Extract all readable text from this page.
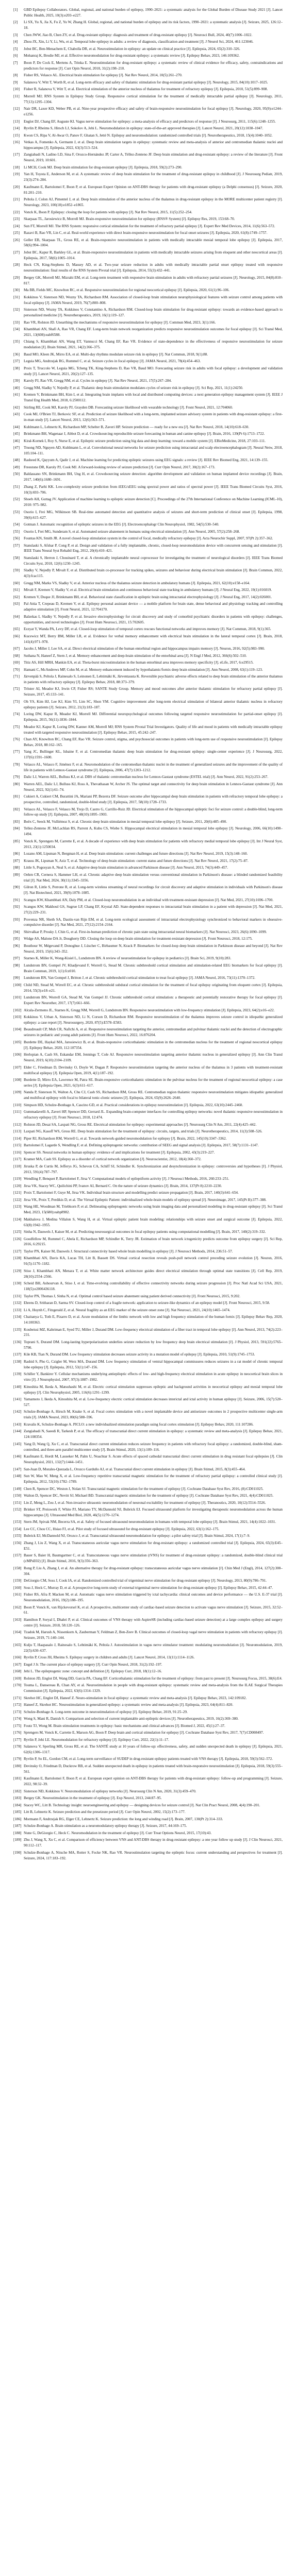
[1]	GBD Epilepsy Collaborators. Global, regional, and national burden of epilepsy, 1990–2021: a systematic analysis for the Global Burden of Disease Study 2021 [J]. Lancet Public Health, 2025, 10(3):e203–e227.
[2]	Li SX, Yu X, Jia X, Fu Z, Yu W, Zhang H. Global, regional, and national burden of epilepsy and its risk factors, 1990–2021: a systematic analysis [J]. Seizure, 2025, 126:12–18.
[3]	Chen JWW, Jiao B, Chen ZY, et al. Drug-resistant epilepsy: diagnosis and treatment of drug-resistant epilepsy [J]. Neurosci Bull, 2024, 40(7):1006–1022.
[4]	Zhou JX, Xin, Li Y, Li, Wu, et al. Temporal lobe epilepsy in adults: a review of diagnosis, classification and treatment [J]. J Neurol Sci, 2024, 461:123046.
[5]	Jobst BC, Ben-Menachem E, Chabolla DR, et al. Neurostimulation in epilepsy: an update on clinical practice [J]. Epilepsia, 2024, 65(2):310–326.
[6]	Mohanraj K, Brodie MJ, et al. Effective neuromodulation for drug-resistant epilepsy: a systematic review [J]. Epilepsy Behav, 2023, 146:109362.
[7]	Boon P, De Cock E, Mertens A, Trinka E. Neurostimulation for drug-resistant epilepsy: a systematic review of clinical evidence for efficacy, safety, contraindications and predictors for response [J]. Curr Opin Neurol, 2018, 31(2):198–210.
[8]	Fisher RS, Velasco AL. Electrical brain stimulation for epilepsy [J]. Nat Rev Neurol, 2014, 10(5):261–270.
[9]	Salanova V, Witt T, Worth R, et al. Long-term efficacy and safety of thalamic stimulation for drug-resistant partial epilepsy [J]. Neurology, 2015, 84(10):1017–1025.
[10]	Fisher R, Salanova V, Witt T, et al. Electrical stimulation of the anterior nucleus of thalamus for treatment of refractory epilepsy [J]. Epilepsia, 2010, 51(5):899–908.
[11]	Morrell MJ; RNS System in Epilepsy Study Group. Responsive cortical stimulation for the treatment of medically intractable partial epilepsy [J]. Neurology, 2011, 77(13):1295–1304.
[12]	Nair DR, Laxer KD, Weber PB, et al. Nine-year prospective efficacy and safety of brain-responsive neurostimulation for focal epilepsy [J]. Neurology, 2020, 95(9):e1244–e1256.
[13]	Englot DJ, Chang EF, Auguste KI. Vagus nerve stimulation for epilepsy: a meta-analysis of efficacy and predictors of response [J]. J Neurosurg, 2011, 115(6):1248–1255.
[14]	Ryvlin P, Rheims S, Hirsch LJ, Sokolov A, Jehi L. Neuromodulation in epilepsy: state-of-the-art approved therapies [J]. Lancet Neurol, 2021, 20(12):1038–1047.
[15]	Kwon CS, Ripa V, Al-Awar O, Panov F, Ghatan S, Jetté N. Epilepsy and neuromodulation: randomized controlled trials [J]. Neurotherapeutics, 2018, 15(4):1040–1052.
[16]	Vetkas A, Fomenko A, Germann J, et al. Deep brain stimulation targets in epilepsy: systematic review and meta-analysis of anterior and centromedian thalamic nuclei and hippocampus [J]. Epilepsia, 2022, 63(3):513–524.
[17]	Zangiabadi N, Ladino LD, Sina F, Orozco-Hernández JP, Carter A, Téllez-Zenteno JF. Deep brain stimulation and drug-resistant epilepsy: a review of the literature [J]. Front Neurol, 2019, 10:601.
[18]	Li MCH, Cook MJ. Deep brain stimulation for drug-resistant epilepsy [J]. Epilepsia, 2018, 59(2):273–290.
[19]	Yan H, Toyota E, Anderson M, et al. A systematic review of deep brain stimulation for the treatment of drug-resistant epilepsy in childhood [J]. J Neurosurg Pediatr, 2019, 23(3):274–284.
[20]	Kaufmann E, Bartolomei F, Boon P, et al. European Expert Opinion on ANT-DBS therapy for patients with drug-resistant epilepsy (a Delphi consensus) [J]. Seizure, 2020, 81:201–210.
[21]	Peltola J, Colon AJ, Pimentel J, et al. Deep brain stimulation of the anterior nucleus of the thalamus in drug-resistant epilepsy in the MORE multicenter patient registry [J]. Neurology, 2023, 100(18):e1852–e1865.
[22]	Vonck K, Boon P. Epilepsy: closing the loop for patients with epilepsy [J]. Nat Rev Neurol, 2015, 11(5):252–254.
[23]	Skarpaas TL, Jarosiewicz B, Morrell MJ. Brain-responsive neurostimulation for epilepsy (RNS® System) [J]. Epilepsy Res, 2019, 153:68–70.
[24]	Sun FT, Morrell MJ. The RNS System: responsive cortical stimulation for the treatment of refractory partial epilepsy [J]. Expert Rev Med Devices, 2014, 11(6):563–572.
[25]	Razavi B, Rao VR, Lin C, et al. Real-world experience with direct brain-responsive neurostimulation for focal onset seizures [J]. Epilepsia, 2020, 61(8):1749–1757.
[26]	Geller EB, Skarpaas TL, Gross RE, et al. Brain-responsive neurostimulation in patients with medically intractable mesial temporal lobe epilepsy [J]. Epilepsia, 2017, 58(6):994–1004.
[27]	Jobst BC, Kapur R, Barkley GL, et al. Brain-responsive neurostimulation in patients with medically intractable seizures arising from eloquent and other neocortical areas [J]. Epilepsia, 2017, 58(6):1005–1014.
[28]	Heck CN, King-Stephens D, Massey AD, et al. Two-year seizure reduction in adults with medically intractable partial onset epilepsy treated with responsive neurostimulation: final results of the RNS System Pivotal trial [J]. Epilepsia, 2014, 55(3):432–441.
[29]	Bergey GK, Morrell MJ, Mizrahi EM, et al. Long-term treatment with responsive brain stimulation in adults with refractory partial seizures [J]. Neurology, 2015, 84(8):810–817.
[30]	Ma BB, Fields MC, Knowlton RC, et al. Responsive neurostimulation for regional neocortical epilepsy [J]. Epilepsia, 2020, 61(1):96–106.
[31]	Kokkinos V, Sisterson ND, Wozny TA, Richardson RM. Association of closed-loop brain stimulation neurophysiological features with seizure control among patients with focal epilepsy [J]. JAMA Neurol, 2019, 76(7):800–808.
[32]	Sisterson ND, Wozny TA, Kokkinos V, Constantino A, Richardson RM. Closed-loop brain stimulation for drug-resistant epilepsy: towards an evidence-based approach to personalized medicine [J]. Neurotherapeutics, 2019, 16(1):119–127.
[33]	Rao VR, Rolston JD. Unearthing the mechanisms of responsive neurostimulation for epilepsy [J]. Commun Med, 2023, 3(1):166.
[34]	Khambhati AN, Shafi A, Rao VR, Chang EF. Long-term brain network reorganization predicts responsive neurostimulation outcomes for focal epilepsy [J]. Sci Transl Med, 2021, 13(608):eabf6588.
[35]	Chiang S, Khambhati AN, Wang ET, Vannucci M, Chang EF, Rao VR. Evidence of state-dependence in the effectiveness of responsive neurostimulation for seizure modulation [J]. Brain Stimul, 2021, 14(2):366–375.
[36]	Baud MO, Kleen JK, Mirro EA, et al. Multi-day rhythms modulate seizure risk in epilepsy [J]. Nat Commun, 2018, 9(1):88.
[37]	Leguia MG, Andrzejak RG, Rummel C, et al. Seizure cycles in focal epilepsy [J]. JAMA Neurol, 2021, 78(4):454–463.
[38]	Proix T, Truccolo W, Leguia MG, Tcheng TK, King-Stephens D, Rao VR, Baud MO. Forecasting seizure risk in adults with focal epilepsy: a development and validation study [J]. Lancet Neurol, 2021, 20(2):127–135.
[39]	Karoly PJ, Rao VR, Gregg NM, et al. Cycles in epilepsy [J]. Nat Rev Neurol, 2021, 17(5):267–284.
[40]	Gregg NM, Sladky V, Nejedly P, et al. Thalamic deep brain stimulation modulates cycles of seizure risk in epilepsy [J]. Sci Rep, 2021, 11(1):24250.
[41]	Kremen V, Brinkmann BH, Kim I, et al. Integrating brain implants with local and distributed computing devices: a next generation epilepsy management system [J]. IEEE J Transl Eng Health Med, 2018, 6:2500112.
[42]	Stirling RE, Cook MJ, Karoly PJ, Grayden DB. Forecasting seizure likelihood with wearable technology [J]. Front Neurol, 2021, 12:704060.
[43]	Cook MJ, O'Brien TJ, Berkovic SF, et al. Prediction of seizure likelihood with a long-term, implanted seizure advisory system in patients with drug-resistant epilepsy: a first-in-man study [J]. Lancet Neurol, 2013, 12(6):563–571.
[44]	Kuhlmann L, Lehnertz K, Richardson MP, Schelter B, Zaveri HP. Seizure prediction — ready for a new era [J]. Nat Rev Neurol, 2018, 14(10):618–630.
[45]	Brinkmann BH, Wagenaar J, Abbot D, et al. Crowdsourcing reproducible seizure forecasting in human and canine epilepsy [J]. Brain, 2016, 139(Pt 6):1713–1722.
[46]	Kiral-Kornek I, Roy S, Nurse E, et al. Epileptic seizure prediction using big data and deep learning: toward a mobile system [J]. EBioMedicine, 2018, 27:103–111.
[47]	Truong ND, Nguyen AD, Kuhlmann L, et al. Convolutional neural networks for seizure prediction using intracranial and scalp electroencephalogram [J]. Neural Netw, 2018, 105:104–111.
[48]	Rasheed K, Qayyum A, Qadir J, et al. Machine learning for predicting epileptic seizures using EEG signals: a review [J]. IEEE Rev Biomed Eng, 2021, 14:139–155.
[49]	Freestone DR, Karoly PJ, Cook MJ. A forward-looking review of seizure prediction [J]. Curr Opin Neurol, 2017, 30(2):167–173.
[50]	Baldassano SN, Brinkmann BH, Ung H, et al. Crowdsourcing seizure detection: algorithm development and validation on human implanted device recordings [J]. Brain, 2017, 140(6):1680–1691.
[51]	Zhang Z, Parhi KK. Low-complexity seizure prediction from iEEG/sEEG using spectral power and ratios of spectral power [J]. IEEE Trans Biomed Circuits Syst, 2016, 10(3):693–706.
[52]	Shoeb AH, Guttag JV. Application of machine learning to epileptic seizure detection [C]. Proceedings of the 27th International Conference on Machine Learning (ICML-10), 2010: 975–982.
[53]	Osorio I, Frei MG, Wilkinson SB. Real-time automated detection and quantitative analysis of seizures and short-term prediction of clinical onset [J]. Epilepsia, 1998, 39(6):615–627.
[54]	Gotman J. Automatic recognition of epileptic seizures in the EEG [J]. Electroencephalogr Clin Neurophysiol, 1982, 54(5):530–540.
[55]	Osorio I, Frei MG, Sunderam S, et al. Automated seizure abatement in humans using electrical stimulation [J]. Ann Neurol, 2005, 57(2):258–268.
[56]	Fountas KN, Smith JR. A novel closed-loop stimulation system in the control of focal, medically refractory epilepsy [J]. Acta Neurochir Suppl, 2007, 97(Pt 2):357–362.
[57]	Stanslaski S, Afshar P, Cong P, et al. Design and validation of a fully implantable, chronic, closed-loop neuromodulation device with concurrent sensing and stimulation [J]. IEEE Trans Neural Syst Rehabil Eng, 2012, 20(4):410–421.
[58]	Stanslaski S, Herron J, Chouinard T, et al. A chronically implantable neural coprocessor for investigating the treatment of neurological disorders [J]. IEEE Trans Biomed Circuits Syst, 2018, 12(6):1230–1245.
[59]	Sladky V, Nejedly P, Mivalt F, et al. Distributed brain co-processor for tracking spikes, seizures and behaviour during electrical brain stimulation [J]. Brain Commun, 2022, 4(3):fcac115.
[60]	Gregg NM, Marks VS, Sladky V, et al. Anterior nucleus of the thalamus seizure detection in ambulatory humans [J]. Epilepsia, 2021, 62(10):e158–e164.
[61]	Mivalt F, Kremen V, Sladky V, et al. Electrical brain stimulation and continuous behavioral state tracking in ambulatory humans [J]. J Neural Eng, 2022, 19(1):016019.
[62]	Kremen V, Duque JJ, Brinkmann BH, et al. Behavioral state classification in epileptic brain using intracranial electrophysiology [J]. J Neural Eng, 2017, 14(2):026001.
[63]	Pal Attia T, Crepeau D, Kremen V, et al. Epilepsy personal assistant device — a mobile platform for brain state, dense behavioral and physiology tracking and controlling adaptive stimulation [J]. Front Neurol, 2021, 12:704170.
[64]	Balzekas I, Sladky V, Nejedly P, et al. Invasive electrophysiology for circuit discovery and study of comorbid psychiatric disorders in patients with epilepsy: challenges, opportunities, and novel technologies [J]. Front Hum Neurosci, 2021, 15:702605.
[65]	Ezzyat Y, Wanda PA, Levy DF, et al. Closed-loop stimulation of temporal cortex rescues functional networks and improves memory [J]. Nat Commun, 2018, 9(1):365.
[66]	Kucewicz MT, Berry BM, Miller LR, et al. Evidence for verbal memory enhancement with electrical brain stimulation in the lateral temporal cortex [J]. Brain, 2018, 141(4):971–978.
[67]	Jacobs J, Miller J, Lee SA, et al. Direct electrical stimulation of the human entorhinal region and hippocampus impairs memory [J]. Neuron, 2016, 92(5):983–990.
[68]	Suthana N, Haneef Z, Stern J, et al. Memory enhancement and deep-brain stimulation of the entorhinal area [J]. N Engl J Med, 2012, 366(6):502–510.
[69]	Titiz AS, Hill MRH, Mankin EA, et al. Theta-burst microstimulation in the human entorhinal area improves memory specificity [J]. eLife, 2017, 6:e29515.
[70]	Hamani C, McAndrews MP, Cohn M, et al. Memory enhancement induced by hypothalamic/fornix deep brain stimulation [J]. Ann Neurol, 2008, 63(1):119–123.
[71]	Järvenpää S, Peltola J, Rainesalo S, Leinonen E, Lehtimäki K, Järventausta K. Reversible psychiatric adverse effects related to deep brain stimulation of the anterior thalamus in patients with refractory epilepsy [J]. Epilepsy Behav, 2018, 88:373–379.
[72]	Tröster AI, Meador KJ, Irwin CP, Fisher RS; SANTE Study Group. Memory and mood outcomes after anterior thalamic stimulation for refractory partial epilepsy [J]. Seizure, 2017, 45:133–141.
[73]	Oh YS, Kim HJ, Lee KJ, Kim YI, Lim SC, Shon YM. Cognitive improvement after long-term electrical stimulation of bilateral anterior thalamic nucleus in refractory epilepsy patients [J]. Seizure, 2012, 21(3):183–187.
[74]	Loring DW, Kapur R, Meador KJ, Morrell MJ. Differential neuropsychological outcomes following targeted responsive neurostimulation for partial-onset epilepsy [J]. Epilepsia, 2015, 56(11):1836–1844.
[75]	Meador KJ, Kapur R, Loring DW, Kanner AM, Morrell MJ; RNS System Pivotal Trial Investigators. Quality of life and mood in patients with medically intractable epilepsy treated with targeted responsive neurostimulation [J]. Epilepsy Behav, 2015, 45:242–247.
[76]	Chan AY, Knowlton RC, Chang EF, Rao VR. Seizure control, stigma, and psychosocial outcomes in patients with long-term use of responsive neurostimulation [J]. Epilepsy Behav, 2018, 88:162–165.
[77]	Yang JC, Bullinger KL, Isbaine F, et al. Centromedian thalamic deep brain stimulation for drug-resistant epilepsy: single-center experience [J]. J Neurosurg, 2022, 137(6):1591–1600.
[78]	Velasco AL, Velasco F, Jiménez F, et al. Neuromodulation of the centromedian thalamic nuclei in the treatment of generalized seizures and the improvement of the quality of life in patients with Lennox-Gastaut syndrome [J]. Epilepsia, 2006, 47(7):1203–1212.
[79]	Dalic LJ, Warren AEL, Bulluss KJ, et al. DBS of thalamic centromedian nucleus for Lennox-Gastaut syndrome (ESTEL trial) [J]. Ann Neurol, 2022, 91(2):253–267.
[80]	Warren AEL, Dalic LJ, Bulluss KJ, Ross A, Thevathasan W, Archer JS. The optimal target and connectivity for deep brain stimulation in Lennox-Gastaut syndrome [J]. Ann Neurol, 2022, 92(1):61–74.
[81]	Cukiert A, Cukiert CM, Burattini JA, Mariani PP, Bezerra DF. Seizure outcome after hippocampal deep brain stimulation in patients with refractory temporal lobe epilepsy: a prospective, controlled, randomized, double-blind study [J]. Epilepsia, 2017, 58(10):1728–1733.
[82]	Velasco AL, Velasco F, Velasco M, Trejo D, Castro G, Carrillo-Ruiz JD. Electrical stimulation of the hippocampal epileptic foci for seizure control: a double-blind, long-term follow-up study [J]. Epilepsia, 2007, 48(10):1895–1903.
[83]	Boëx C, Seeck M, Vulliémoz S, et al. Chronic deep brain stimulation in mesial temporal lobe epilepsy [J]. Seizure, 2011, 20(6):485–490.
[84]	Tellez-Zenteno JF, McLachlan RS, Parrent A, Kubu CS, Wiebe S. Hippocampal electrical stimulation in mesial temporal lobe epilepsy [J]. Neurology, 2006, 66(10):1490–1494.
[85]	Vonck K, Sprengers M, Carrette E, et al. A decade of experience with deep brain stimulation for patients with refractory medial temporal lobe epilepsy [J]. Int J Neural Syst, 2013, 23(1):1250034.
[86]	Lozano AM, Lipsman N, Bergman H, et al. Deep brain stimulation: current challenges and future directions [J]. Nat Rev Neurol, 2019, 15(3):148–160.
[87]	Krauss JK, Lipsman N, Aziz T, et al. Technology of deep brain stimulation: current status and future directions [J]. Nat Rev Neurol, 2021, 17(2):75–87.
[88]	Little S, Pogosyan A, Neal S, et al. Adaptive deep brain stimulation in advanced Parkinson disease [J]. Ann Neurol, 2013, 74(3):449–457.
[89]	Oehrn CR, Cernera S, Hammer LH, et al. Chronic adaptive deep brain stimulation versus conventional stimulation in Parkinson's disease: a blinded randomized feasibility trial [J]. Nat Med, 2024, 30(11):3345–3356.
[90]	Gilron R, Little S, Perrone R, et al. Long-term wireless streaming of neural recordings for circuit discovery and adaptive stimulation in individuals with Parkinson's disease [J]. Nat Biotechnol, 2021, 39(9):1078–1085.
[91]	Scangos KW, Khambhati AN, Daly PM, et al. Closed-loop neuromodulation in an individual with treatment-resistant depression [J]. Nat Med, 2021, 27(10):1696–1700.
[92]	Scangos KW, Makhoul GS, Sugrue LP, Chang EF, Krystal AD. State-dependent responses to intracranial brain stimulation in a patient with depression [J]. Nat Med, 2021, 27(2):229–231.
[93]	Provenza NR, Sheth SA, Dastin-van Rijn EM, et al. Long-term ecological assessment of intracranial electrophysiology synchronized to behavioral markers in obsessive-compulsive disorder [J]. Nat Med, 2021, 27(12):2154–2164.
[94]	Shirvalkar P, Prosky J, Chin G, et al. First-in-human prediction of chronic pain state using intracranial neural biomarkers [J]. Nat Neurosci, 2023, 26(6):1090–1099.
[95]	Widge AS, Malone DA Jr, Dougherty DD. Closing the loop on deep brain stimulation for treatment-resistant depression [J]. Front Neurosci, 2018, 12:175.
[96]	Bouthour W, Mégevand P, Donoghue J, Lüscher C, Birbaumer N, Krack P. Biomarkers for closed-loop deep brain stimulation in Parkinson disease and beyond [J]. Nat Rev Neurol, 2019, 15(6):343–352.
[97]	Starnes K, Miller K, Wong-Kisiel L, Lundstrom BN. A review of neurostimulation for epilepsy in pediatrics [J]. Brain Sci, 2019, 9(10):283.
[98]	Lundstrom BN, Gompel JV, Khadjevand F, Worrell G, Stead M. Chronic subthreshold cortical stimulation and stimulation-related EEG biomarkers for focal epilepsy [J]. Brain Commun, 2019, 1(1):fcz010.
[99]	Lundstrom BN, Van Gompel J, Britton J, et al. Chronic subthreshold cortical stimulation to treat focal epilepsy [J]. JAMA Neurol, 2016, 73(11):1370–1372.
[100] Child ND, Stead M, Wirrell EC, et al. Chronic subthreshold subdural cortical stimulation for the treatment of focal epilepsy originating from eloquent cortex [J]. Epilepsia, 2014, 55(3):e18–e21.
[101] Lundstrom BN, Worrell GA, Stead M, Van Gompel JJ. Chronic subthreshold cortical stimulation: a therapeutic and potentially restorative therapy for focal epilepsy [J]. Expert Rev Neurother, 2017, 17(7):661–666.
[102] Alcala-Zermeno JL, Starnes K, Gregg NM, Worrell G, Lundstrom BN. Responsive neurostimulation with low-frequency stimulation [J]. Epilepsia, 2023, 64(2):e16–e22.
[103] Kokkinos V, Urban A, Sisterson ND, Li N, Corson D, Richardson RM. Responsive neurostimulation of the thalamus improves seizure control in idiopathic generalized epilepsy: a case report [J]. Neurosurgery, 2020, 87(5):E578–E583.
[104] Beaudreault CP, Muh CR, Naftchi A, et al. Responsive neurostimulation targeting the anterior, centromedian and pulvinar thalamic nuclei and the detection of electrographic seizures in pediatric and young adult patients [J]. Front Hum Neurosci, 2022, 16:876204.
[105] Burdette DE, Haykal MA, Jarosiewicz B, et al. Brain-responsive corticothalamic stimulation in the centromedian nucleus for the treatment of regional neocortical epilepsy [J]. Epilepsy Behav, 2020, 112:107354.
[106] Herlopian A, Cash SS, Eskandar EM, Jennings T, Cole AJ. Responsive neurostimulation targeting anterior thalamic nucleus in generalized epilepsy [J]. Ann Clin Transl Neurol, 2019, 6(10):2104–2109.
[107] Elder C, Friedman D, Devinsky O, Doyle W, Dugan P. Responsive neurostimulation targeting the anterior nucleus of the thalamus in 3 patients with treatment-resistant multifocal epilepsy [J]. Epilepsia Open, 2019, 4(1):187–192.
[108] Burdette D, Mirro EA, Lawrence M, Patra SE. Brain-responsive corticothalamic stimulation in the pulvinar nucleus for the treatment of regional neocortical epilepsy: a case series [J]. Epilepsia Open, 2021, 6(3):611–617.
[109] Nanda P, Sisterson N, Walton A, Chu CJ, Cash SS, Richardson RM, Gross RE. Centromedian region thalamic responsive neurostimulation mitigates idiopathic generalized and multifocal epilepsy with focal to bilateral tonic-clonic seizures [J]. Epilepsia, 2024, 65(9):2626–2640.
[110] Simpson HD, Schulze-Bonhage A, Cascino GD, et al. Practical considerations in epilepsy neurostimulation [J]. Epilepsia, 2022, 63(10):2445–2460.
[111] Gummadavelli A, Zaveri HP, Spencer DD, Gerrard JL. Expanding brain-computer interfaces for controlling epilepsy networks: novel thalamic responsive neurostimulation in refractory epilepsy [J]. Front Neurosci, 2018, 12:474.
[112] Rolston JD, Desai SA, Laxpati NG, Gross RE. Electrical stimulation for epilepsy: experimental approaches [J]. Neurosurg Clin N Am, 2011, 22(4):425–442.
[113] Laxpati NG, Kasoff WS, Gross RE. Deep brain stimulation for the treatment of epilepsy: circuits, targets, and trials [J]. Neurotherapeutics, 2014, 11(3):508–526.
[114] Piper RJ, Richardson RM, Worrell G, et al. Towards network-guided neuromodulation for epilepsy [J]. Brain, 2022, 145(10):3347–3362.
[115] Bartolomei F, Lagarde S, Wendling F, et al. Defining epileptogenic networks: contribution of SEEG and signal analysis [J]. Epilepsia, 2017, 58(7):1131–1147.
[116] Spencer SS. Neural networks in human epilepsy: evidence of and implications for treatment [J]. Epilepsia, 2002, 43(3):219–227.
[117] Kramer MA, Cash SS. Epilepsy as a disorder of cortical network organization [J]. Neuroscientist, 2012, 18(4):360–372.
[118] Jiruska P, de Curtis M, Jefferys JG, Schevon CA, Schiff SJ, Schindler K. Synchronization and desynchronization in epilepsy: controversies and hypotheses [J]. J Physiol, 2013, 591(4):787–797.
[119] Wendling F, Benquet P, Bartolomei F, Jirsa V. Computational models of epileptiform activity [J]. J Neurosci Methods, 2016, 260:233–251.
[120] Jirsa VK, Stacey WC, Quilichini PP, Ivanov AI, Bernard C. On the nature of seizure dynamics [J]. Brain, 2014, 137(Pt 8):2210–2230.
[121] Proix T, Bartolomei F, Guye M, Jirsa VK. Individual brain structure and modelling predict seizure propagation [J]. Brain, 2017, 140(3):641–654.
[122] Jirsa VK, Proix T, Perdikis D, et al. The Virtual Epileptic Patient: individualized whole-brain models of epilepsy spread [J]. Neuroimage, 2017, 145(Pt B):377–388.
[123] Wang HE, Woodman M, Triebkorn P, et al. Delineating epileptogenic networks using brain imaging data and personalized modeling in drug-resistant epilepsy [J]. Sci Transl Med, 2023, 15(680):eabp8982.
[124] Makhalova J, Medina Villalon S, Wang H, et al. Virtual epileptic patient brain modeling: relationships with seizure onset and surgical outcome [J]. Epilepsia, 2022, 63(8):1942–1955.
[125] Sinha N, Dauwels J, Kaiser M, et al. Predicting neurosurgical outcomes in focal epilepsy patients using computational modelling [J]. Brain, 2017, 140(2):319–332.
[126] Goodfellow M, Rummel C, Abela E, Richardson MP, Schindler K, Terry JR. Estimation of brain network ictogenicity predicts outcome from epilepsy surgery [J]. Sci Rep, 2016, 6:29215.
[127] Taylor PN, Kaiser M, Dauwels J. Structural connectivity based whole brain modelling in epilepsy [J]. J Neurosci Methods, 2014, 236:51–57.
[128] Khambhati AN, Davis KA, Lucas TH, Litt B, Bassett DS. Virtual cortical resection reveals push-pull network control preceding seizure evolution [J]. Neuron, 2016, 91(5):1170–1182.
[129] Stiso J, Khambhati AN, Menara T, et al. White matter network architecture guides direct electrical stimulation through optimal state transitions [J]. Cell Rep, 2019, 28(10):2554–2566.
[130] Scheid BH, Ashourvan A, Stiso J, et al. Time-evolving controllability of effective connectivity networks during seizure progression [J]. Proc Natl Acad Sci USA, 2021, 118(5):e2006436118.
[131] Taylor PN, Thomas J, Sinha N, et al. Optimal control based seizure abatement using patient derived connectivity [J]. Front Neurosci, 2015, 9:202.
[132] Ehrens D, Sritharan D, Sarma SV. Closed-loop control of a fragile network: application to seizure-like dynamics of an epilepsy model [J]. Front Neurosci, 2015, 9:58.
[133] Li A, Huynh C, Fitzgerald Z, et al. Neural fragility as an EEG marker of the seizure onset zone [J]. Nat Neurosci, 2021, 24(10):1465–1474.
[134] Chaitanya G, Toth E, Pizarro D, et al. Acute modulation of the limbic network with low and high frequency stimulation of the human fornix [J]. Epilepsy Behav Rep, 2020, 14:100363.
[135] Koubeissi MZ, Kahriman E, Syed TU, Miller J, Durand DM. Low-frequency electrical stimulation of a fiber tract in temporal lobe epilepsy [J]. Ann Neurol, 2013, 74(2):223–231.
[136] Toprani S, Durand DM. Long-lasting hyperpolarization underlies seizure reduction by low frequency deep brain electrical stimulation [J]. J Physiol, 2013, 591(22):5765–5790.
[137] Kile KB, Tian N, Durand DM. Low frequency stimulation decreases seizure activity in a mutation model of epilepsy [J]. Epilepsia, 2010, 51(9):1745–1753.
[138] Rashid S, Pho G, Czigler M, Werz MA, Durand DM. Low frequency stimulation of ventral hippocampal commissures reduces seizures in a rat model of chronic temporal lobe epilepsy [J]. Epilepsia, 2012, 53(1):147–156.
[139] Schiller Y, Bankirer Y. Cellular mechanisms underlying antiepileptic effects of low- and high-frequency electrical stimulation in acute epilepsy in neocortical brain slices in vitro [J]. J Neurophysiol, 2007, 97(3):1887–1902.
[140] Kinoshita M, Ikeda A, Matsuhashi M, et al. Electric cortical stimulation suppresses epileptic and background activities in neocortical epilepsy and mesial temporal lobe epilepsy [J]. Clin Neurophysiol, 2005, 116(6):1291–1299.
[141] Yamamoto J, Ikeda A, Kinoshita M, et al. Low-frequency electric cortical stimulation decreases interictal and ictal activity in human epilepsy [J]. Seizure, 2006, 15(7):520–527.
[142] Schulze-Bonhage A, Hirsch M, Knake S, et al. Focal cortex stimulation with a novel implantable device and antiseizure outcomes in 2 prospective multicenter single-arm trials [J]. JAMA Neurol, 2023, 80(6):588–596.
[143] Kravalis K, Schulze-Bonhage A. PICLO: a new individualized stimulation paradigm using focal cortex stimulation [J]. Epilepsy Behav, 2020, 111:107286.
[144] Zangiabadi N, Saeedi R, Tarkesh P, et al. The efficacy of transcranial direct current stimulation in epilepsy: a systematic review and meta-analysis [J]. Epilepsy Behav, 2021, 124:108354.
[145] Yang D, Wang Q, Xu C, et al. Transcranial direct current stimulation reduces seizure frequency in patients with refractory focal epilepsy: a randomized, double-blind, sham-controlled, and three-arm parallel multicenter study [J]. Brain Stimul, 2020, 13(1):109–116.
[146] Kaufmann E, Hordt M, Lauseker M, Palm U, Noachtar S. Acute effects of spaced cathodal transcranial direct current stimulation in drug resistant focal epilepsies [J]. Clin Neurophysiol, 2021, 132(7):1444–1451.
[147] San-Juan D, Morales-Quezada L, Orozco Garduño AJ, et al. Transcranial direct current stimulation in epilepsy [J]. Brain Stimul, 2015, 8(3):455–464.
[148] Sun W, Mao W, Meng X, et al. Low-frequency repetitive transcranial magnetic stimulation for the treatment of refractory partial epilepsy: a controlled clinical study [J]. Epilepsia, 2012, 53(10):1782–1789.
[149] Chen R, Spencer DC, Weston J, Nolan SJ. Transcranial magnetic stimulation for the treatment of epilepsy [J]. Cochrane Database Syst Rev, 2016, (8):CD011025.
[150] Walton D, Spencer DC, Nevitt SJ, Michael BD. Transcranial magnetic stimulation for the treatment of epilepsy [J]. Cochrane Database Syst Rev, 2021, 4(4):CD011025.
[151] Lin Z, Meng L, Zou J, et al. Non-invasive ultrasonic neuromodulation of neuronal excitability for treatment of epilepsy [J]. Theranostics, 2020, 10(12):5514–5526.
[152] Brinker ST, Preiswerk F, White PJ, Mariano TY, McDannold NJ, Bubrick EJ. Focused ultrasound platform for investigating therapeutic neuromodulation across the human hippocampus [J]. Ultrasound Med Biol, 2020, 46(5):1270–1274.
[153] Stern JM, Spivak NM, Becerra SA, et al. Safety of focused ultrasound neuromodulation in humans with temporal lobe epilepsy [J]. Brain Stimul, 2021, 14(4):1022–1031.
[154] Lee CC, Chou CC, Hsiao FJ, et al. Pilot study of focused ultrasound for drug-resistant epilepsy [J]. Epilepsia, 2022, 63(1):162–175.
[155] Bubrick EJ, McDannold NJ, Orozco J, et al. Transcranial ultrasound neuromodulation for epilepsy: a pilot safety trial [J]. Brain Stimul, 2024, 17(1):7–9.
[156] Zhang J, Liu Z, Wang X, et al. Transcutaneous auricular vagus nerve stimulation for drug-resistant epilepsy: a randomized controlled trial [J]. Epilepsia, 2024, 65(3):E45–E51.
[157] Bauer S, Baier H, Baumgartner C, et al. Transcutaneous vagus nerve stimulation (tVNS) for treatment of drug-resistant epilepsy: a randomized, double-blind clinical trial (cMPsE02) [J]. Brain Stimul, 2016, 9(3):356–363.
[158] Rong P, Liu A, Zhang J, et al. An alternative therapy for drug-resistant epilepsy: transcutaneous auricular vagus nerve stimulation [J]. Chin Med J (Engl), 2014, 127(2):300–304.
[159] DeGiorgio CM, Soss J, Cook IA, et al. Randomized controlled trial of trigeminal nerve stimulation for drug-resistant epilepsy [J]. Neurology, 2013, 80(9):786–791.
[160] Soss J, Heck C, Murray D, et al. A prospective long-term study of external trigeminal nerve stimulation for drug-resistant epilepsy [J]. Epilepsy Behav, 2015, 42:44–47.
[161] Fisher RS, Afra P, Macken M, et al. Automatic vagus nerve stimulation triggered by ictal tachycardia: clinical outcomes and device performance — the U.S. E-37 trial [J]. Neuromodulation, 2016, 19(2):188–195.
[162] Boon P, Vonck K, van Rijckevorsel K, et al. A prospective, multicenter study of cardiac-based seizure detection to activate vagus nerve stimulation [J]. Seizure, 2015, 32:52–61.
[163] Hamilton P, Soryal I, Dhahri P, et al. Clinical outcomes of VNS therapy with AspireSR (including cardiac-based seizure detection) at a large complex epilepsy and surgery centre [J]. Seizure, 2018, 58:120–126.
[164] Tzadok M, Harush A, Nissenkorn A, Zauberman Y, Feldman Z, Ben-Zeev B. Clinical outcomes of closed-loop vagal nerve stimulation in patients with refractory epilepsy [J]. Seizure, 2019, 71:140–144.
[165] Kulju T, Haapasalo J, Rainesalo S, Lehtimäki K, Peltola J. Autostimulation in vagus nerve stimulator treatment: modulating neuromodulation [J]. Neuromodulation, 2019, 22(5):630–637.
[166] Ryvlin P, Cross JH, Rheims S. Epilepsy surgery in children and adults [J]. Lancet Neurol, 2014, 13(11):1114–1126.
[167] Engel J Jr. The current place of epilepsy surgery [J]. Curr Opin Neurol, 2018, 31(2):192–197.
[168] Jehi L. The epileptogenic zone: concept and definition [J]. Epilepsy Curr, 2018, 18(1):12–16.
[169] Rolston JD, Englot DJ, Wang DD, Garcia PA, Chang EF. Corticothalamic stimulation for the treatment of epilepsy: from past to present [J]. Neurosurg Focus, 2015, 38(6):E4.
[170] Touma L, Dansereau B, Chan AY, et al. Neurostimulation in people with drug-resistant epilepsy: systematic review and meta-analysis from the ILAE Surgical Therapies Commission [J]. Epilepsia, 2022, 63(6):1314–1329.
[171] Skrehot HC, Englot DJ, Haneef Z. Neuro-stimulation in focal epilepsy: a systematic review and meta-analysis [J]. Epilepsy Behav, 2023, 142:109182.
[172] Haneef Z, Skrehot HC. Neurostimulation in generalized epilepsy: a systematic review and meta-analysis [J]. Epilepsia, 2023, 64(4):811–820.
[173] Schulze-Bonhage A. Long-term outcome in neurostimulation of epilepsy [J]. Epilepsy Behav, 2019, 91:25–29.
[174] Wong S, Mani R, Danish S. Comparison and selection of current implantable anti-epileptic devices [J]. Neurotherapeutics, 2019, 16(2):369–380.
[175] Foutz TJ, Wong M. Brain stimulation treatments in epilepsy: basic mechanisms and clinical advances [J]. Biomed J, 2022, 45(1):27–37.
[176] Sprengers M, Vonck K, Carrette E, Marson AG, Boon P. Deep brain and cortical stimulation for epilepsy [J]. Cochrane Database Syst Rev, 2017, 7(7):CD008497.
[177] Ryvlin P, Jehi LE. Neuromodulation for refractory epilepsy [J]. Epilepsy Curr, 2022, 22(1):11–17.
[178] Salanova V, Sperling MR, Gross RE, et al. The SANTÉ study at 10 years of follow-up: effectiveness, safety, and sudden unexpected death in epilepsy [J]. Epilepsia, 2021, 62(6):1306–1317.
[179] Ryvlin P, So EL, Gordon CM, et al. Long-term surveillance of SUDEP in drug-resistant epilepsy patients treated with VNS therapy [J]. Epilepsia, 2018, 59(3):562–572.
[180] Devinsky O, Friedman D, Duckrow RB, et al. Sudden unexpected death in epilepsy in patients treated with brain-responsive neurostimulation [J]. Epilepsia, 2018, 59(3):555–561.
[181] Kaufmann E, Bartolomei F, Boon P, et al. European expert opinion on ANT-DBS therapy for patients with drug-resistant epilepsy: follow-up and programming [J]. Seizure, 2022, 98:32–39.
[182] Sisterson ND, Kokkinos V. Neuromodulation of epilepsy networks [J]. Neurosurg Clin N Am, 2020, 31(3):459–470.
[183] Bergey GK. Neurostimulation in the treatment of epilepsy [J]. Exp Neurol, 2013, 244:87–95.
[184] Stacey WC, Litt B. Technology insight: neuroengineering and epilepsy — designing devices for seizure control [J]. Nat Clin Pract Neurol, 2008, 4(4):190–201.
[185] Litt B, Lehnertz K. Seizure prediction and the preseizure period [J]. Curr Opin Neurol, 2002, 15(2):173–177.
[186] Mormann F, Andrzejak RG, Elger CE, Lehnertz K. Seizure prediction: the long and winding road [J]. Brain, 2007, 130(Pt 2):314–333.
[187] Schulze-Bonhage A. Brain stimulation as a neuromodulatory epilepsy therapy [J]. Seizure, 2017, 44:169–175.
[188] Nune G, DeGiorgio C, Heck C. Neuromodulation in the treatment of epilepsy [J]. Curr Treat Options Neurol, 2015, 17(10):43.
[189] Zhu J, Wang X, Xu C, et al. Comparison of efficiency between VNS and ANT-DBS therapy in drug-resistant epilepsy: a one year follow up study [J]. J Clin Neurosci, 2021, 90:112–117.
[190] Schulze-Bonhage A, Nitsche MA, Rotter S, Focke NK, Rao VR. Neurostimulation targeting the epileptic focus: current understanding and perspectives for treatment [J]. Seizure, 2024, 117:183–192.
